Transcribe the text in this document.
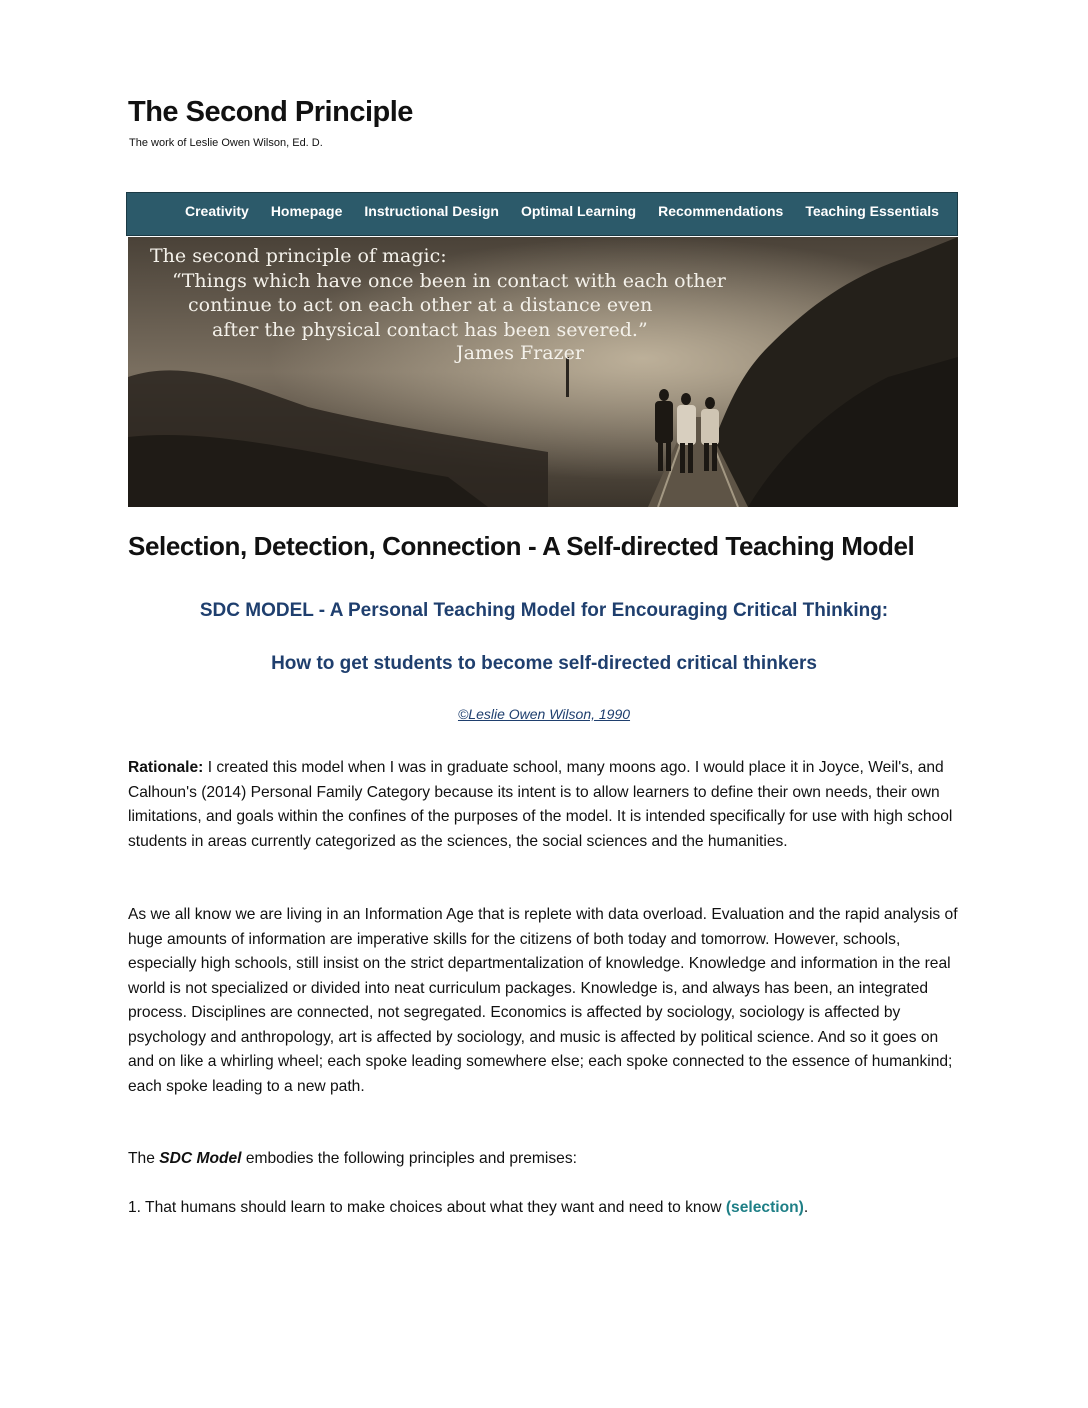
The Second Principle
The work of Leslie Owen Wilson, Ed. D.
Creativity Homepage Instructional Design Optimal Learning Recommendations Teaching Essentials
The second principle of magic:
“Things which have once been in contact with each other
continue to act on each other at a distance even
after the physical contact has been severed.”
James Frazer
Selection, Detection, Connection - A Self-directed Teaching Model
SDC MODEL - A Personal Teaching Model for Encouraging Critical Thinking:
How to get students to become self-directed critical thinkers
©Leslie Owen Wilson, 1990

Rationale: I created this model when I was in graduate school, many moons ago. I would place it in Joyce, Weil's, and Calhoun's (2014) Personal Family Category because its intent is to allow learners to define their own needs, their own limitations, and goals within the confines of the purposes of the model. It is intended specifically for use with high school students in areas currently categorized as the sciences, the social sciences and the humanities.

As we all know we are living in an Information Age that is replete with data overload. Evaluation and the rapid analysis of huge amounts of information are imperative skills for the citizens of both today and tomorrow. However, schools, especially high schools, still insist on the strict departmentalization of knowledge. Knowledge and information in the real world is not specialized or divided into neat curriculum packages. Knowledge is, and always has been, an integrated process. Disciplines are connected, not segregated. Economics is affected by sociology, sociology is affected by psychology and anthropology, art is affected by sociology, and music is affected by political science. And so it goes on and on like a whirling wheel; each spoke leading somewhere else; each spoke connected to the essence of humankind; each spoke leading to a new path.

The SDC Model embodies the following principles and premises:

1. That humans should learn to make choices about what they want and need to know (selection).
